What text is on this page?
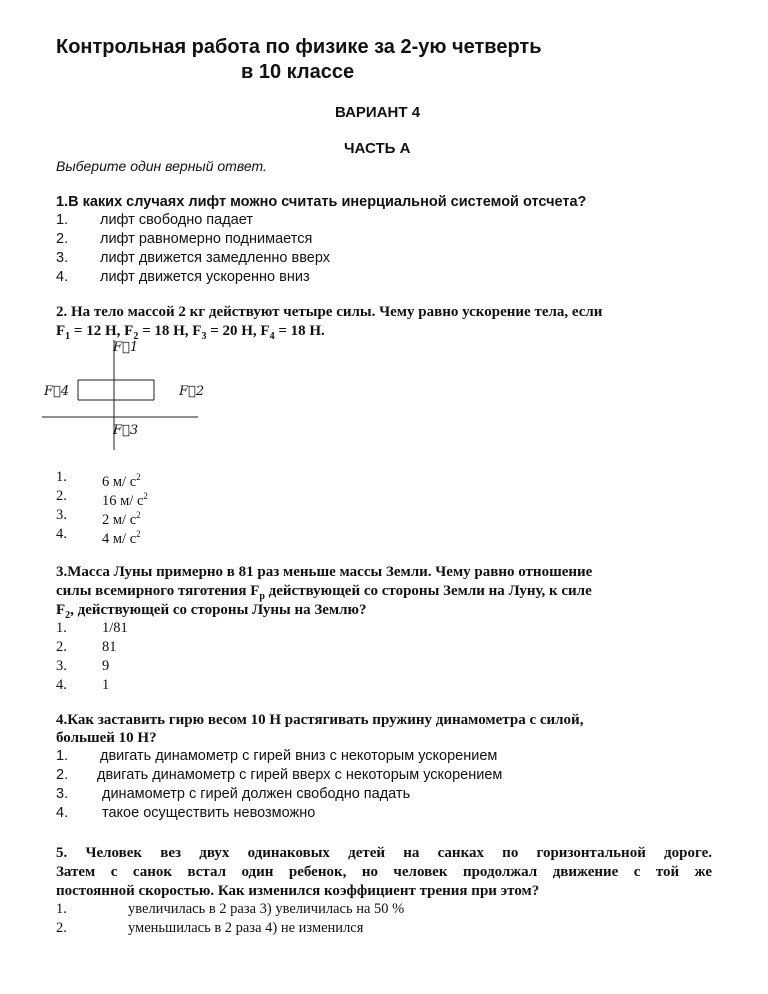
Контрольная работа по физике за 2-ую четверть
в 10 классе
ВАРИАНТ 4
ЧАСТЬ А
Выберите один верный ответ.
1.В каких случаях лифт можно считать инерциальной системой отсчета?
1. лифт свободно падает
2. лифт равномерно поднимается
3. лифт движется замедленно вверх
4. лифт движется ускоренно вниз
2. На тело массой 2 кг действуют четыре силы. Чему равно ускорение тела, если
$F_1 = 12$ Н, $F_2 = 18$ Н, $F_3 = 20$ Н, $F_4 = 18$ Н.
F⃗1
F⃗2
F⃗3
F⃗4
1. 6 м/ $с^2$
2. 16 м/ $с^2$
3. 2 м/ $с^2$
4. 4 м/ $с^2$
3.Масса Луны примерно в 81 раз меньше массы Земли. Чему равно отношение
силы всемирного тяготения $F_р$ действующей со стороны Земли на Луну, к силе
$F_2$, действующей со стороны Луны на Землю?
1. 1/81
2. 81
3. 9
4. 1
4.Как заставить гирю весом 10 Н растягивать пружину динамометра с силой,
большей 10 Н?
1. двигать динамометр с гирей вниз с некоторым ускорением
2. двигать динамометр с гирей вверх с некоторым ускорением
3. динамометр с гирей должен свободно падать
4. такое осуществить невозможно
5. Человек вез двух одинаковых детей на санках по горизонтальной дороге.
Затем с санок встал один ребенок, но человек продолжал движение с той же
постоянной скоростью. Как изменился коэффициент трения при этом?
1.	увеличилась в 2 раза 3) увеличилась на 50 %
2.	уменьшилась в 2 раза 4) не изменился
